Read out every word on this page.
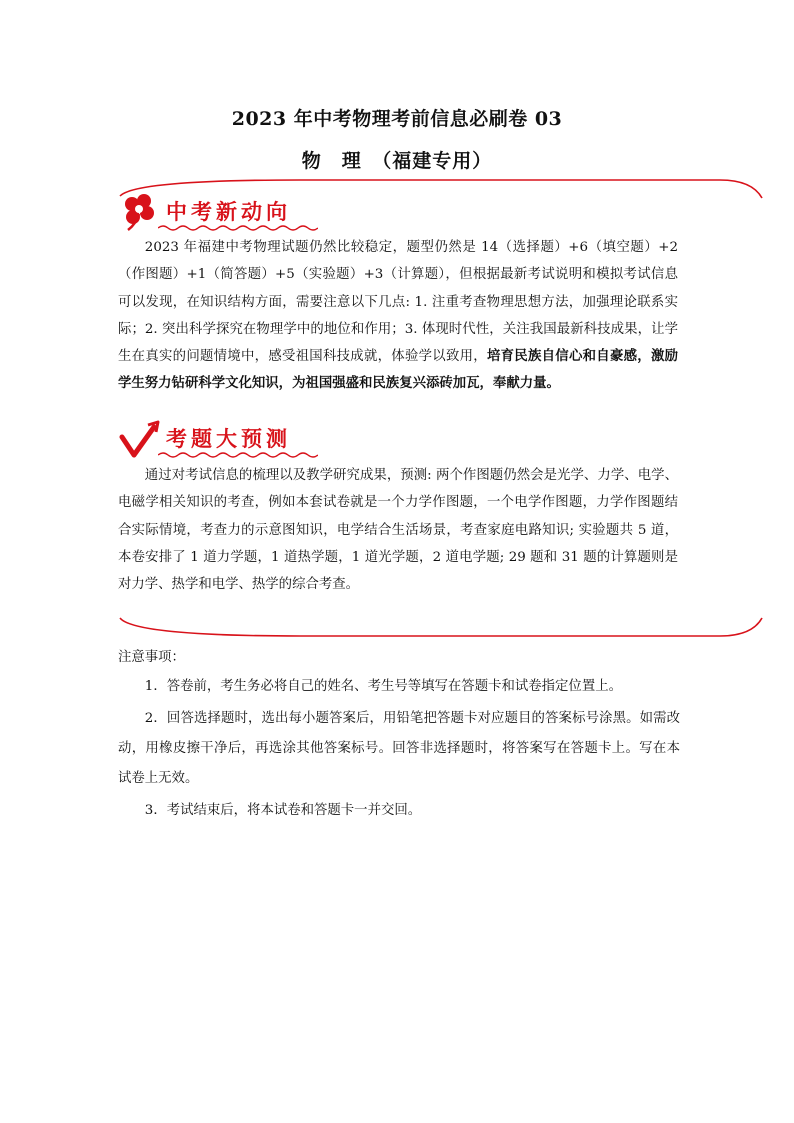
2023 年中考物理考前信息必刷卷 03
物　理　（福建专用）
中考新动向
2023 年福建中考物理试题仍然比较稳定，题型仍然是 14（选择题）+6（填空题）+2（作图题）+1（简答题）+5（实验题）+3（计算题），但根据最新考试说明和模拟考试信息可以发现，在知识结构方面，需要注意以下几点: 1. 注重考查物理思想方法，加强理论联系实际；2. 突出科学探究在物理学中的地位和作用；3. 体现时代性，关注我国最新科技成果，让学生在真实的问题情境中，感受祖国科技成就，体验学以致用，培育民族自信心和自豪感，激励学生努力钻研科学文化知识，为祖国强盛和民族复兴添砖加瓦，奉献力量。
考题大预测
通过对考试信息的梳理以及教学研究成果，预测: 两个作图题仍然会是光学、力学、电学、电磁学相关知识的考查，例如本套试卷就是一个力学作图题，一个电学作图题，力学作图题结合实际情境，考查力的示意图知识，电学结合生活场景，考查家庭电路知识; 实验题共 5 道，本卷安排了 1 道力学题，1 道热学题，1 道光学题，2 道电学题; 29 题和 31 题的计算题则是对力学、热学和电学、热学的综合考查。
注意事项：
1．答卷前，考生务必将自己的姓名、考生号等填写在答题卡和试卷指定位置上。
2．回答选择题时，选出每小题答案后，用铅笔把答题卡对应题目的答案标号涂黑。如需改动，用橡皮擦干净后，再选涂其他答案标号。回答非选择题时，将答案写在答题卡上。写在本试卷上无效。
3．考试结束后，将本试卷和答题卡一并交回。
